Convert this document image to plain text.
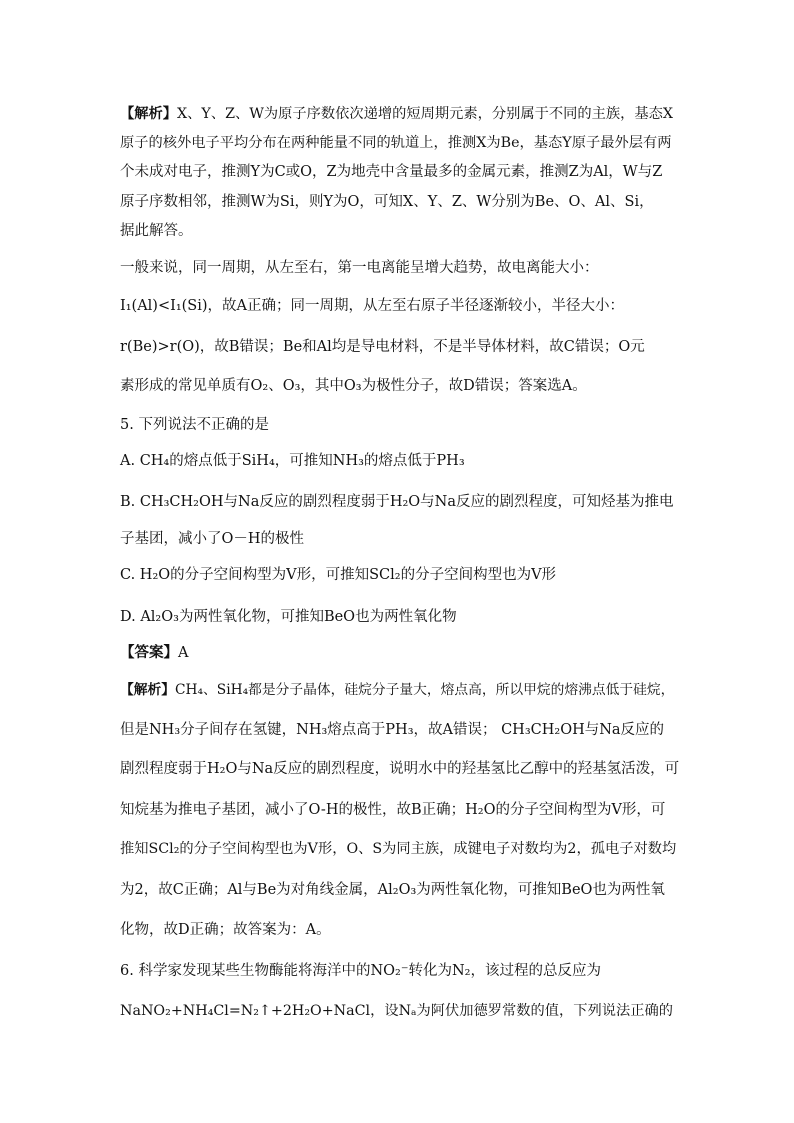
【解析】X、Y、Z、W为原子序数依次递增的短周期元素，分别属于不同的主族，基态X
原子的核外电子平均分布在两种能量不同的轨道上，推测X为Be，基态Y原子最外层有两
个未成对电子，推测Y为C或O，Z为地壳中含量最多的金属元素，推测Z为Al，W与Z
原子序数相邻，推测W为Si，则Y为O，可知X、Y、Z、W分别为Be、O、Al、Si，
据此解答。
一般来说，同一周期，从左至右，第一电离能呈增大趋势，故电离能大小：
I₁(Al)<I₁(Si)，故A正确；同一周期，从左至右原子半径逐渐较小，半径大小：
r(Be)>r(O)，故B错误；Be和Al均是导电材料，不是半导体材料，故C错误；O元
素形成的常见单质有O₂、O₃，其中O₃为极性分子，故D错误；答案选A。
5. 下列说法不正确的是
A. CH₄的熔点低于SiH₄，可推知NH₃的熔点低于PH₃
B. CH₃CH₂OH与Na反应的剧烈程度弱于H₂O与Na反应的剧烈程度，可知烃基为推电
子基团，减小了O－H的极性
C. H₂O的分子空间构型为V形，可推知SCl₂的分子空间构型也为V形
D. Al₂O₃为两性氧化物，可推知BeO也为两性氧化物
【答案】A
【解析】CH₄、SiH₄都是分子晶体，硅烷分子量大，熔点高，所以甲烷的熔沸点低于硅烷，
但是NH₃分子间存在氢键，NH₃熔点高于PH₃，故A错误； CH₃CH₂OH与Na反应的
剧烈程度弱于H₂O与Na反应的剧烈程度，说明水中的羟基氢比乙醇中的羟基氢活泼，可
知烷基为推电子基团，减小了O-H的极性，故B正确；H₂O的分子空间构型为V形，可
推知SCl₂的分子空间构型也为V形，O、S为同主族，成键电子对数均为2，孤电子对数均
为2，故C正确；Al与Be为对角线金属，Al₂O₃为两性氧化物，可推知BeO也为两性氧
化物，故D正确；故答案为：A。
6. 科学家发现某些生物酶能将海洋中的NO₂⁻转化为N₂，该过程的总反应为
NaNO₂+NH₄Cl=N₂↑+2H₂O+NaCl，设Nₐ为阿伏加德罗常数的值，下列说法正确的
